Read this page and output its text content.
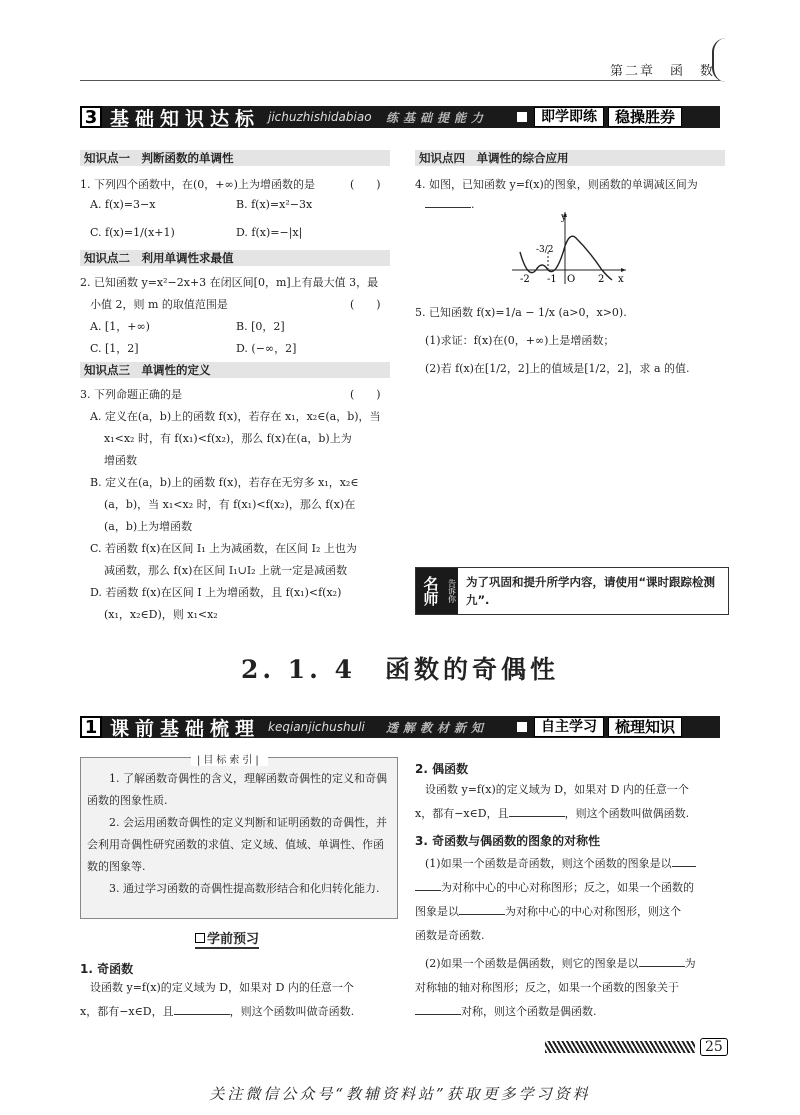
第二章　函　数
3 基础知识达标 jichuzhishidabiao	练基础提能力	即学即练	稳操胜券
知识点一　判断函数的单调性
1. 下列四个函数中，在(0，+∞)上为增函数的是	(　　)
A. f(x)=3−x	B. f(x)=x²−3x
C. f(x)=1/(x+1)	D. f(x)=−|x|
知识点二　利用单调性求最值
2. 已知函数 y=x²−2x+3 在闭区间[0，m]上有最大值 3，最
小值 2，则 m 的取值范围是	(　　)
A. [1，+∞)	B. [0，2]
C. [1，2]	D. (−∞，2]
知识点三　单调性的定义
3. 下列命题正确的是	(　　)
A. 定义在(a，b)上的函数 f(x)，若存在 x₁，x₂∈(a，b)，当
x₁<x₂ 时，有 f(x₁)<f(x₂)，那么 f(x)在(a，b)上为
增函数
B. 定义在(a，b)上的函数 f(x)，若存在无穷多 x₁，x₂∈
(a，b)，当 x₁<x₂ 时，有 f(x₁)<f(x₂)，那么 f(x)在
(a，b)上为增函数
C. 若函数 f(x)在区间 I₁ 上为减函数，在区间 I₂ 上也为
减函数，那么 f(x)在区间 I₁∪I₂ 上就一定是减函数
D. 若函数 f(x)在区间 I 上为增函数，且 f(x₁)<f(x₂)
(x₁，x₂∈D)，则 x₁<x₂
知识点四　单调性的综合应用
4. 如图，已知函数 y=f(x)的图象，则函数的单调减区间为
.
y
x
O
-2 -1	2
-3/2
5. 已知函数 f(x)=1/a − 1/x (a>0，x>0).
(1)求证：f(x)在(0，+∞)上是增函数；
(2)若 f(x)在[1/2，2]上的值域是[1/2，2]，求 a 的值.
名师	告诉你 为了巩固和提升所学内容，请使用“课时跟踪检测九”.
2. 1. 4　函数的奇偶性
1 课前基础梳理 keqianjichushuli	透解教材新知	自主学习	梳理知识
|目标索引|

1. 了解函数奇偶性的含义，理解函数奇偶性的定义和奇偶函数的图象性质.

2. 会运用函数奇偶性的定义判断和证明函数的奇偶性，并会利用奇偶性研究函数的求值、定义域、值域、单调性、作函数的图象等.

3. 通过学习函数的奇偶性提高数形结合和化归转化能力.

学前预习
1. 奇函数
设函数 y=f(x)的定义域为 D，如果对 D 内的任意一个
x，都有−x∈D，且	，则这个函数叫做奇函数.
2. 偶函数
设函数 y=f(x)的定义域为 D，如果对 D 内的任意一个
x，都有−x∈D，且	，则这个函数叫做偶函数.
3. 奇函数与偶函数的图象的对称性
(1)如果一个函数是奇函数，则这个函数的图象是以
为对称中心的中心对称图形；反之，如果一个函数的
图象是以	为对称中心的中心对称图形，则这个
函数是奇函数.
(2)如果一个函数是偶函数，则它的图象是以	为
对称轴的轴对称图形；反之，如果一个函数的图象关于
对称，则这个函数是偶函数.
25
关注微信公众号“教辅资料站”获取更多学习资料
